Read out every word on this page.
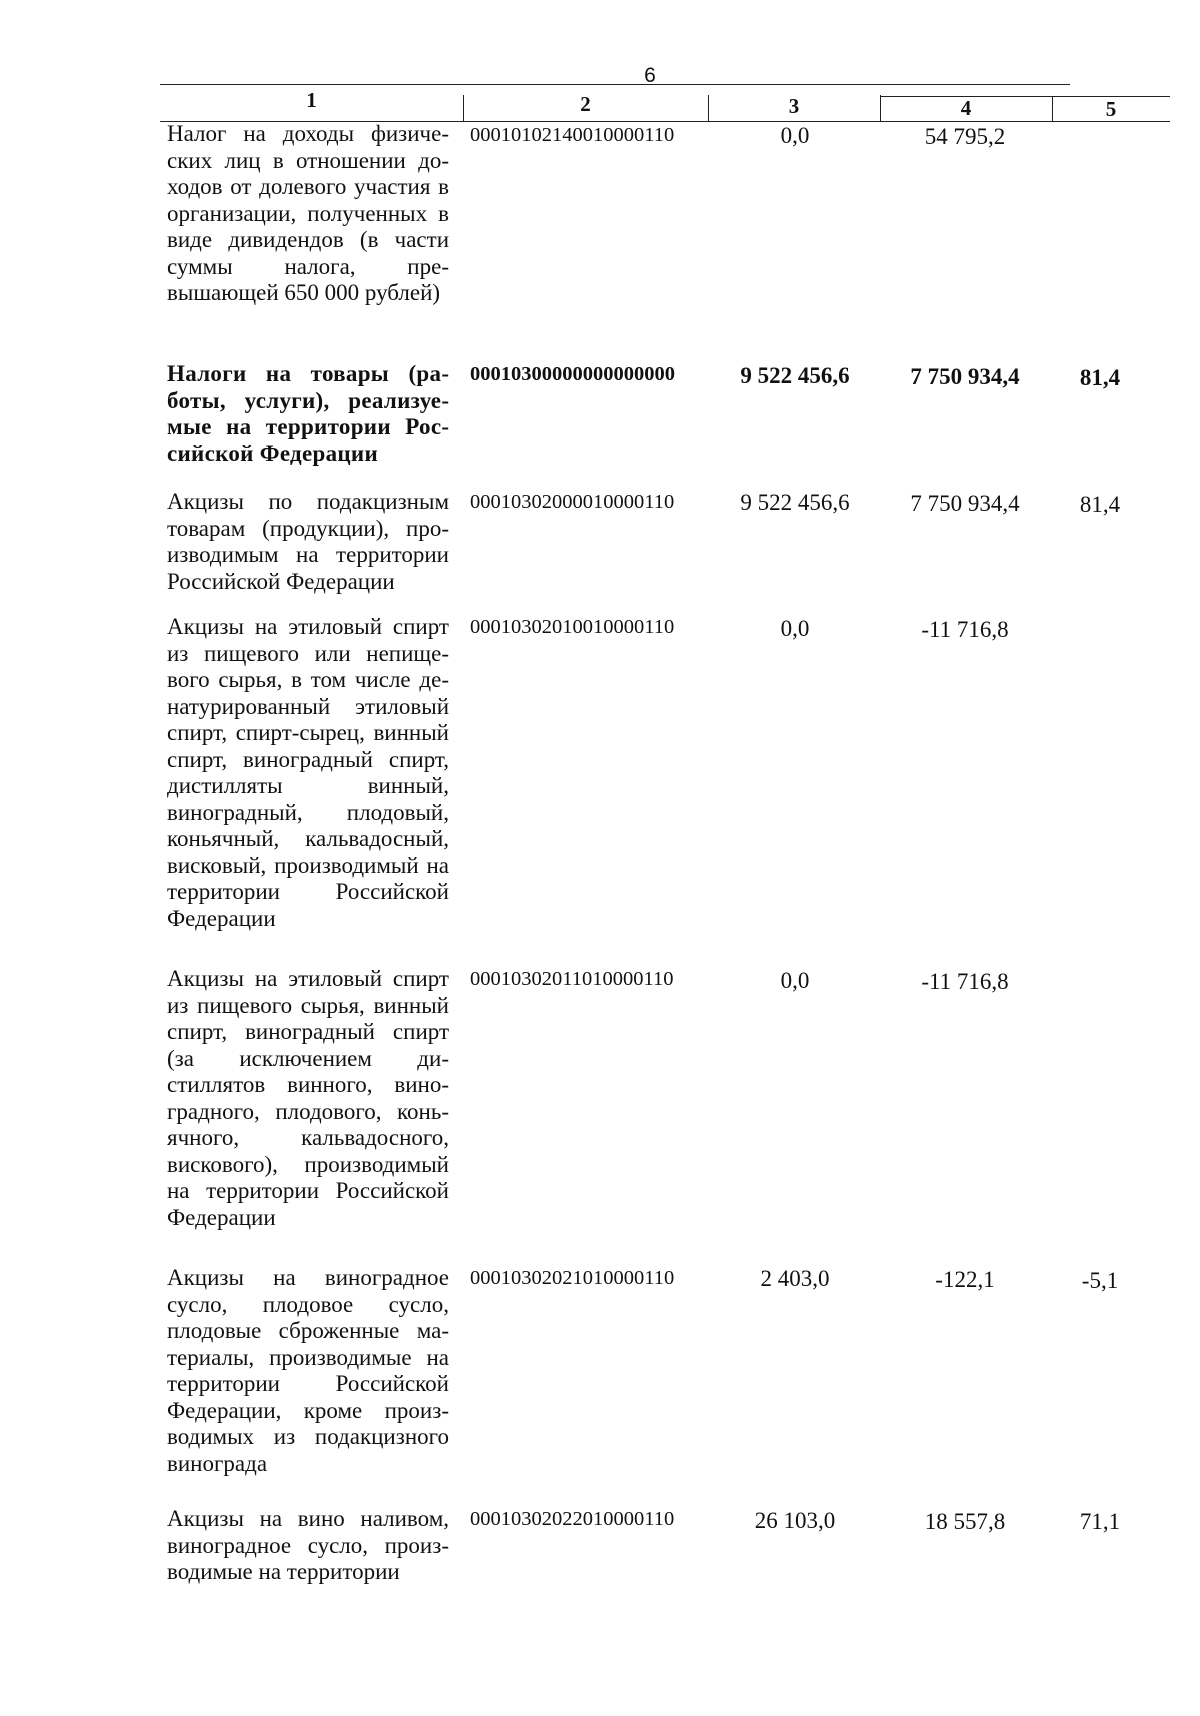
6
1	2	3	4	5
Налог на доходы физических лиц в отношении доходов от долевого участия в организации, полученных в виде дивидендов (в части суммы налога, превышающей 650 000 рублей)
00010102140010000110	0,0	54 795,2
Налоги на товары (работы, услуги), реализуемые на территории Российской Федерации
00010300000000000000	9 522 456,6	7 750 934,4	81,4
Акцизы по подакцизным товарам (продукции), производимым на территории Российской Федерации
00010302000010000110	9 522 456,6	7 750 934,4	81,4
Акцизы на этиловый спирт из пищевого или непищевого сырья, в том числе денатурированный этиловый спирт, спирт-сырец, винный спирт, виноградный спирт, дистилляты винный, виноградный, плодовый, коньячный, кальвадосный, висковый, производимый на территории Российской Федерации
00010302010010000110	0,0	-11 716,8
Акцизы на этиловый спирт из пищевого сырья, винный спирт, виноградный спирт (за исключением дистиллятов винного, виноградного, плодового, коньячного, кальвадосного, вискового), производимый на территории Российской Федерации
00010302011010000110	0,0	-11 716,8
Акцизы на виноградное сусло, плодовое сусло, плодовые сброженные материалы, производимые на территории Российской Федерации, кроме производимых из подакцизного винограда
00010302021010000110	2 403,0	-122,1	-5,1
Акцизы на вино наливом, виноградное сусло, производимые на территории
00010302022010000110	26 103,0	18 557,8	71,1
